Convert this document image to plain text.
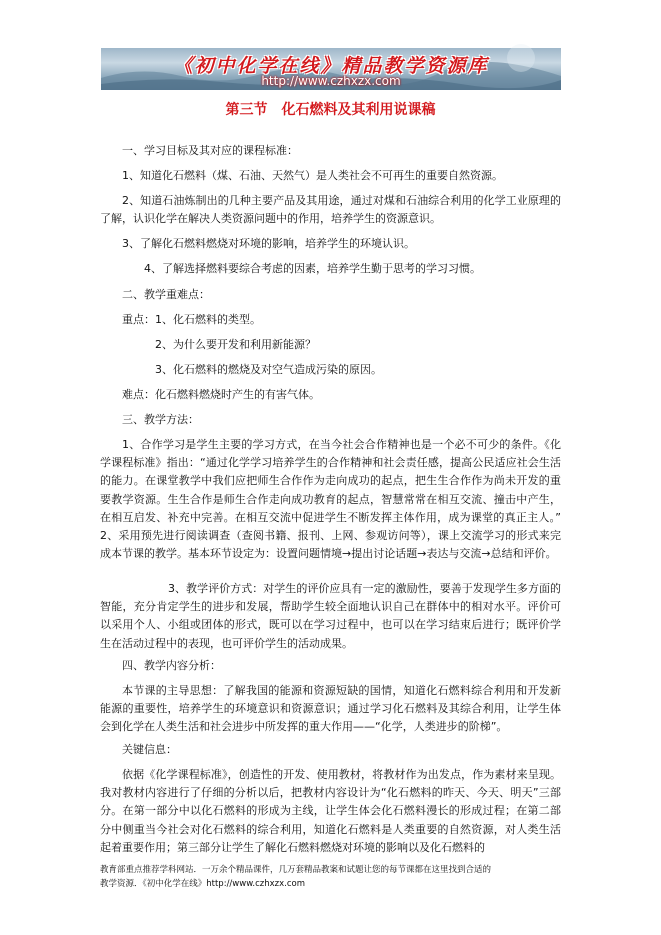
《初中化学在线》精品教学资源库
http://www.czhxzx.com
第三节　化石燃料及其利用说课稿
一、学习目标及其对应的课程标准：
1、知道化石燃料（煤、石油、天然气）是人类社会不可再生的重要自然资源。
2、知道石油炼制出的几种主要产品及其用途，通过对煤和石油综合利用的化学工业原理的了解，认识化学在解决人类资源问题中的作用，培养学生的资源意识。
3、了解化石燃料燃烧对环境的影响，培养学生的环境认识。
4、了解选择燃料要综合考虑的因素，培养学生勤于思考的学习习惯。
二、教学重难点：
重点：1、化石燃料的类型。
2、为什么要开发和利用新能源？
3、化石燃料的燃烧及对空气造成污染的原因。
难点：化石燃料燃烧时产生的有害气体。
三、教学方法：
1、合作学习是学生主要的学习方式，在当今社会合作精神也是一个必不可少的条件。《化学课程标准》指出：“通过化学学习培养学生的合作精神和社会责任感，提高公民适应社会生活的能力。在课堂教学中我们应把师生合作作为走向成功的起点，把生生合作作为尚未开发的重要教学资源。生生合作是师生合作走向成功教育的起点，智慧常常在相互交流、撞击中产生，在相互启发、补充中完善。在相互交流中促进学生不断发挥主体作用，成为课堂的真正主人。”　　2、采用预先进行阅读调查（查阅书籍、报刊、上网、参观访问等），课上交流学习的形式来完成本节课的教学。基本环节设定为：设置问题情境→提出讨论话题→表达与交流→总结和评价。
3、教学评价方式：对学生的评价应具有一定的激励性，要善于发现学生多方面的智能，充分肯定学生的进步和发展，帮助学生较全面地认识自己在群体中的相对水平。评价可以采用个人、小组或团体的形式，既可以在学习过程中，也可以在学习结束后进行；既评价学生在活动过程中的表现，也可评价学生的活动成果。
四、教学内容分析：
本节课的主导思想：了解我国的能源和资源短缺的国情，知道化石燃料综合利用和开发新能源的重要性，培养学生的环境意识和资源意识；通过学习化石燃料及其综合利用，让学生体会到化学在人类生活和社会进步中所发挥的重大作用——“化学，人类进步的阶梯”。
关键信息：
依据《化学课程标准》，创造性的开发、使用教材，将教材作为出发点，作为素材来呈现。我对教材内容进行了仔细的分析以后，把教材内容设计为“化石燃料的昨天、今天、明天”三部分。在第一部分中以化石燃料的形成为主线，让学生体会化石燃料漫长的形成过程；在第二部分中侧重当今社会对化石燃料的综合利用，知道化石燃料是人类重要的自然资源，对人类生活起着重要作用；第三部分让学生了解化石燃料燃烧对环境的影响以及化石燃料的
教育部重点推荐学科网站．一万余个精品课件，几万套精品教案和试题让您的每节课都在这里找到合适的
教学资源．《初中化学在线》http://www.czhxzx.com
